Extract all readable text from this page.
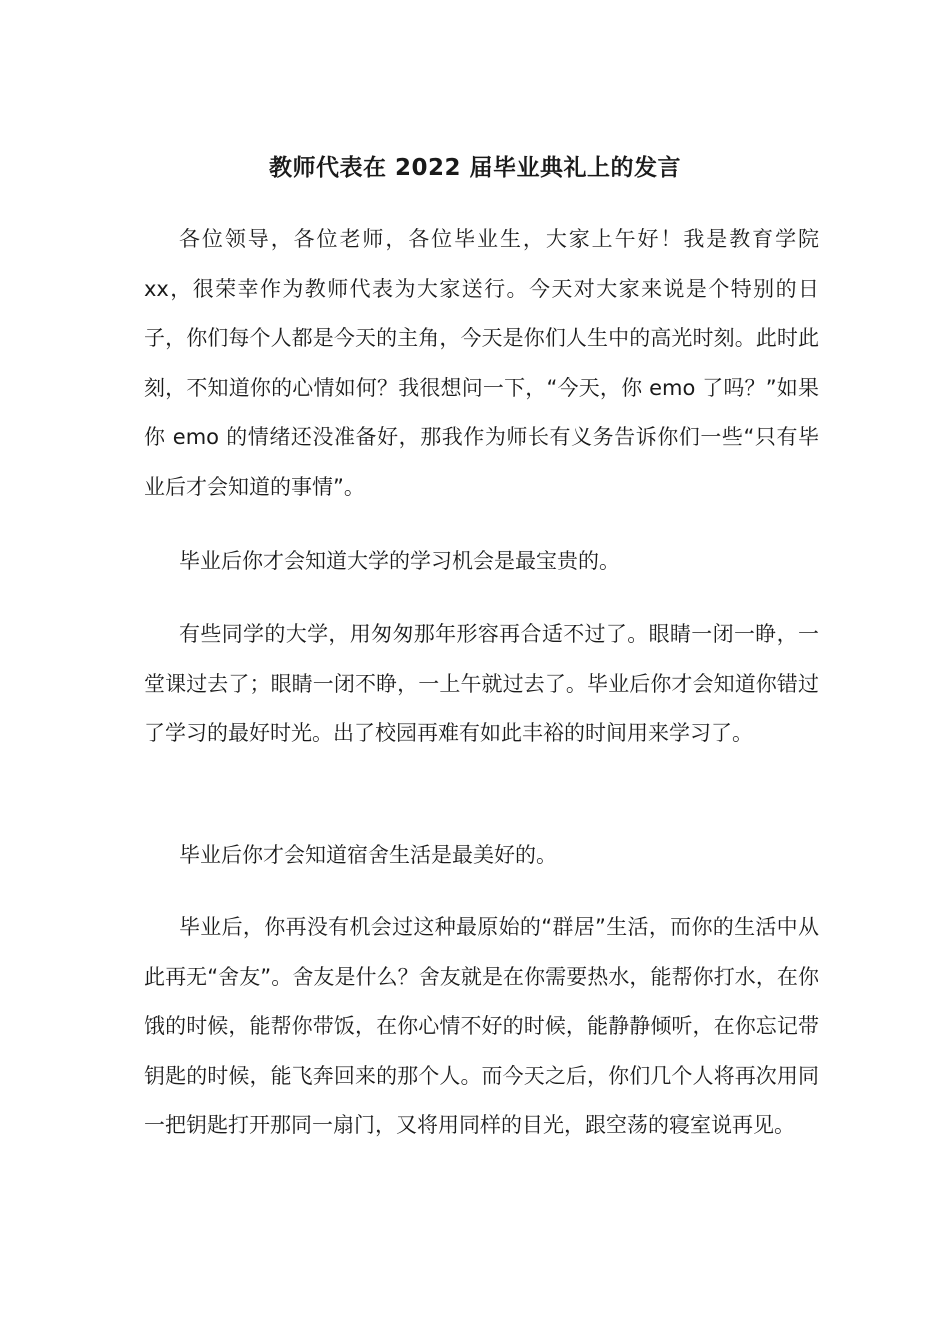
教师代表在 2022 届毕业典礼上的发言

各位领导，各位老师，各位毕业生，大家上午好！我是教育学院 xx，很荣幸作为教师代表为大家送行。今天对大家来说是个特别的日子，你们每个人都是今天的主角，今天是你们人生中的高光时刻。此时此刻，不知道你的心情如何？我很想问一下，“今天，你 emo 了吗？”如果你 emo 的情绪还没准备好，那我作为师长有义务告诉你们一些“只有毕业后才会知道的事情”。

毕业后你才会知道大学的学习机会是最宝贵的。

有些同学的大学，用匆匆那年形容再合适不过了。眼睛一闭一睁，一堂课过去了；眼睛一闭不睁，一上午就过去了。毕业后你才会知道你错过了学习的最好时光。出了校园再难有如此丰裕的时间用来学习了。

毕业后你才会知道宿舍生活是最美好的。

毕业后，你再没有机会过这种最原始的“群居”生活，而你的生活中从此再无“舍友”。舍友是什么？舍友就是在你需要热水，能帮你打水，在你饿的时候，能帮你带饭，在你心情不好的时候，能静静倾听，在你忘记带钥匙的时候，能飞奔回来的那个人。而今天之后，你们几个人将再次用同一把钥匙打开那同一扇门，又将用同样的目光，跟空荡的寝室说再见。
